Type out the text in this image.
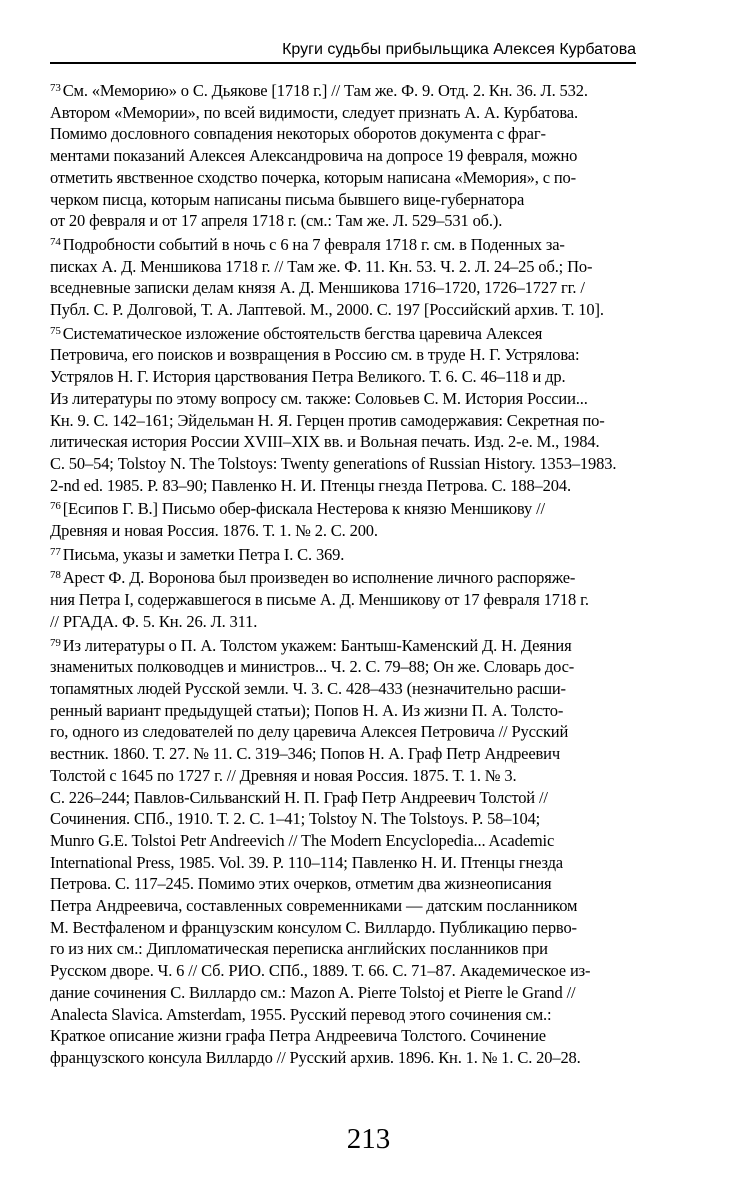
Круги судьбы прибыльщика Алексея Курбатова
$^{73}$ См. «Меморию» о С. Дьякове [1718 г.] // Там же. Ф. 9. Отд. 2. Кн. 36. Л. 532.
Автором «Мемории», по всей видимости, следует признать А. А. Курбатова.
Помимо дословного совпадения некоторых оборотов документа с фраг-
ментами показаний Алексея Александровича на допросе 19 февраля, можно
отметить явственное сходство почерка, которым написана «Мемория», с по-
черком писца, которым написаны письма бывшего вице-губернатора
от 20 февраля и от 17 апреля 1718 г. (см.: Там же. Л. 529–531 об.).
$^{74}$ Подробности событий в ночь с 6 на 7 февраля 1718 г. см. в Поденных за-
писках А. Д. Меншикова 1718 г. // Там же. Ф. 11. Кн. 53. Ч. 2. Л. 24–25 об.; По-
вседневные записки делам князя А. Д. Меншикова 1716–1720, 1726–1727 гг. /
Публ. С. Р. Долговой, Т. А. Лаптевой. М., 2000. С. 197 [Российский архив. Т. 10].
$^{75}$ Систематическое изложение обстоятельств бегства царевича Алексея
Петровича, его поисков и возвращения в Россию см. в труде Н. Г. Устрялова:
Устрялов Н. Г. История царствования Петра Великого. Т. 6. С. 46–118 и др.
Из литературы по этому вопросу см. также: Соловьев С. М. История России...
Кн. 9. С. 142–161; Эйдельман Н. Я. Герцен против самодержавия: Секретная по-
литическая история России XVIII–XIX вв. и Вольная печать. Изд. 2-е. М., 1984.
С. 50–54; Tolstoy N. The Tolstoys: Twenty generations of Russian History. 1353–1983.
2-nd ed. 1985. P. 83–90; Павленко Н. И. Птенцы гнезда Петрова. С. 188–204.
$^{76}$ [Есипов Г. В.] Письмо обер-фискала Нестерова к князю Меншикову //
Древняя и новая Россия. 1876. Т. 1. № 2. С. 200.
$^{77}$ Письма, указы и заметки Петра I. С. 369.
$^{78}$ Арест Ф. Д. Воронова был произведен во исполнение личного распоряже-
ния Петра I, содержавшегося в письме А. Д. Меншикову от 17 февраля 1718 г.
// РГАДА. Ф. 5. Кн. 26. Л. 311.
$^{79}$ Из литературы о П. А. Толстом укажем: Бантыш-Каменский Д. Н. Деяния
знаменитых полководцев и министров... Ч. 2. С. 79–88; Он же. Словарь дос-
топамятных людей Русской земли. Ч. 3. С. 428–433 (незначительно расши-
ренный вариант предыдущей статьи); Попов Н. А. Из жизни П. А. Толсто-
го, одного из следователей по делу царевича Алексея Петровича // Русский
вестник. 1860. Т. 27. № 11. С. 319–346; Попов Н. А. Граф Петр Андреевич
Толстой с 1645 по 1727 г. // Древняя и новая Россия. 1875. Т. 1. № 3.
С. 226–244; Павлов-Сильванский Н. П. Граф Петр Андреевич Толстой //
Сочинения. СПб., 1910. Т. 2. С. 1–41; Tolstoy N. The Tolstoys. P. 58–104;
Munro G.E. Tolstoi Petr Andreevich // The Modern Encyclopedia... Academic
International Press, 1985. Vol. 39. P. 110–114; Павленко Н. И. Птенцы гнезда
Петрова. С. 117–245. Помимо этих очерков, отметим два жизнеописания
Петра Андреевича, составленных современниками — датским посланником
М. Вестфаленом и французским консулом С. Виллардо. Публикацию перво-
го из них см.: Дипломатическая переписка английских посланников при
Русском дворе. Ч. 6 // Сб. РИО. СПб., 1889. Т. 66. С. 71–87. Академическое из-
дание сочинения С. Виллардо см.: Mazon A. Pierre Tolstoj et Pierre le Grand //
Analecta Slavica. Amsterdam, 1955. Русский перевод этого сочинения см.:
Краткое описание жизни графа Петра Андреевича Толстого. Сочинение
французского консула Виллардо // Русский архив. 1896. Кн. 1. № 1. С. 20–28.
213
